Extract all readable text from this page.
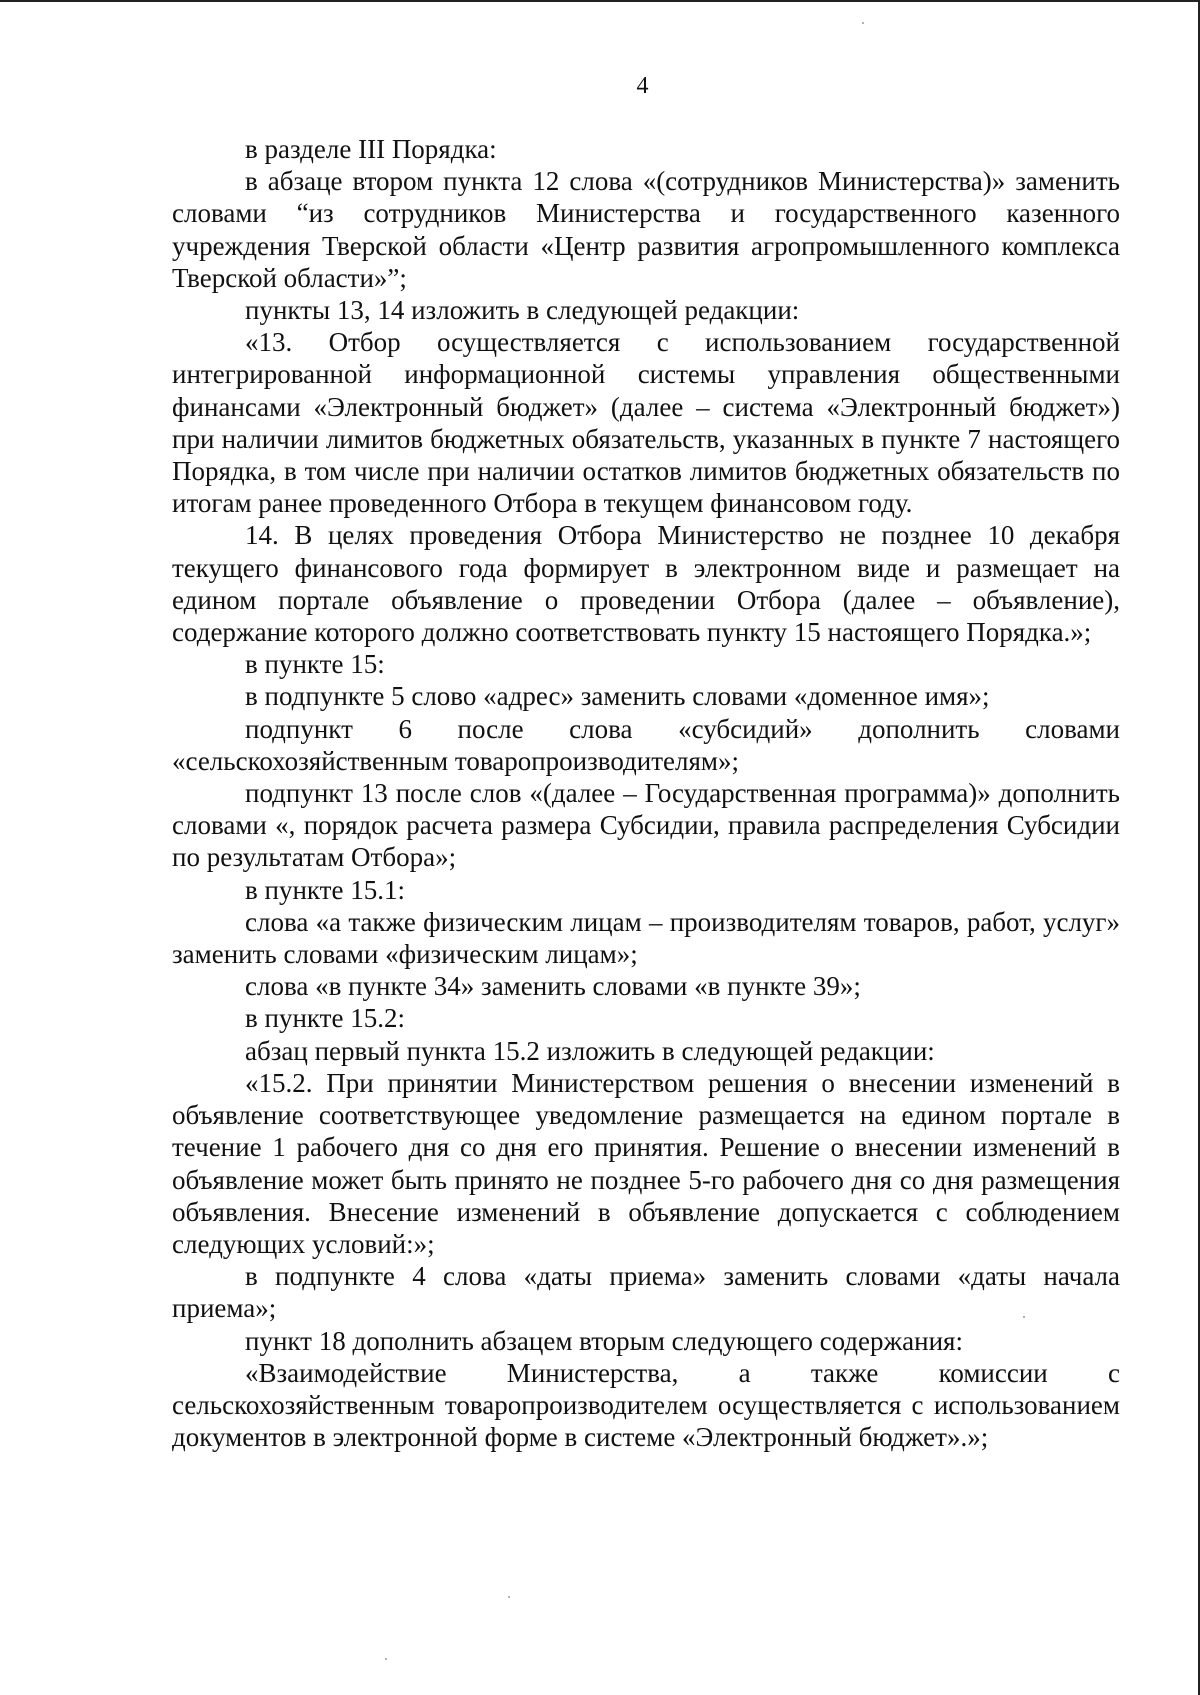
4

в разделе III Порядка:

в абзаце втором пункта 12 слова «(сотрудников Министерства)» заменить словами “из сотрудников Министерства и государственного казенного учреждения Тверской области «Центр развития агропромышленного комплекса Тверской области»”;

пункты 13, 14 изложить в следующей редакции:

«13. Отбор осуществляется с использованием государственной интегрированной информационной системы управления общественными финансами «Электронный бюджет» (далее – система «Электронный бюджет») при наличии лимитов бюджетных обязательств, указанных в пункте 7 настоящего Порядка, в том числе при наличии остатков лимитов бюджетных обязательств по итогам ранее проведенного Отбора в текущем финансовом году.

14. В целях проведения Отбора Министерство не позднее 10 декабря текущего финансового года формирует в электронном виде и размещает на едином портале объявление о проведении Отбора (далее – объявление), содержание которого должно соответствовать пункту 15 настоящего Порядка.»;

в пункте 15:

в подпункте 5 слово «адрес» заменить словами «доменное имя»;

подпункт 6 после слова «субсидий» дополнить словами «сельскохозяйственным товаропроизводителям»;

подпункт 13 после слов «(далее – Государственная программа)» дополнить словами «, порядок расчета размера Субсидии, правила распределения Субсидии по результатам Отбора»;

в пункте 15.1:

слова «а также физическим лицам – производителям товаров, работ, услуг» заменить словами «физическим лицам»;

слова «в пункте 34» заменить словами «в пункте 39»;

в пункте 15.2:

абзац первый пункта 15.2 изложить в следующей редакции:

«15.2. При принятии Министерством решения о внесении изменений в объявление соответствующее уведомление размещается на едином портале в течение 1 рабочего дня со дня его принятия. Решение о внесении изменений в объявление может быть принято не позднее 5-го рабочего дня со дня размещения объявления. Внесение изменений в объявление допускается с соблюдением следующих условий:»;

в подпункте 4 слова «даты приема» заменить словами «даты начала приема»;

пункт 18 дополнить абзацем вторым следующего содержания:

«Взаимодействие Министерства, а также комиссии с сельскохозяйственным товаропроизводителем осуществляется с использованием документов в электронной форме в системе «Электронный бюджет».»;
